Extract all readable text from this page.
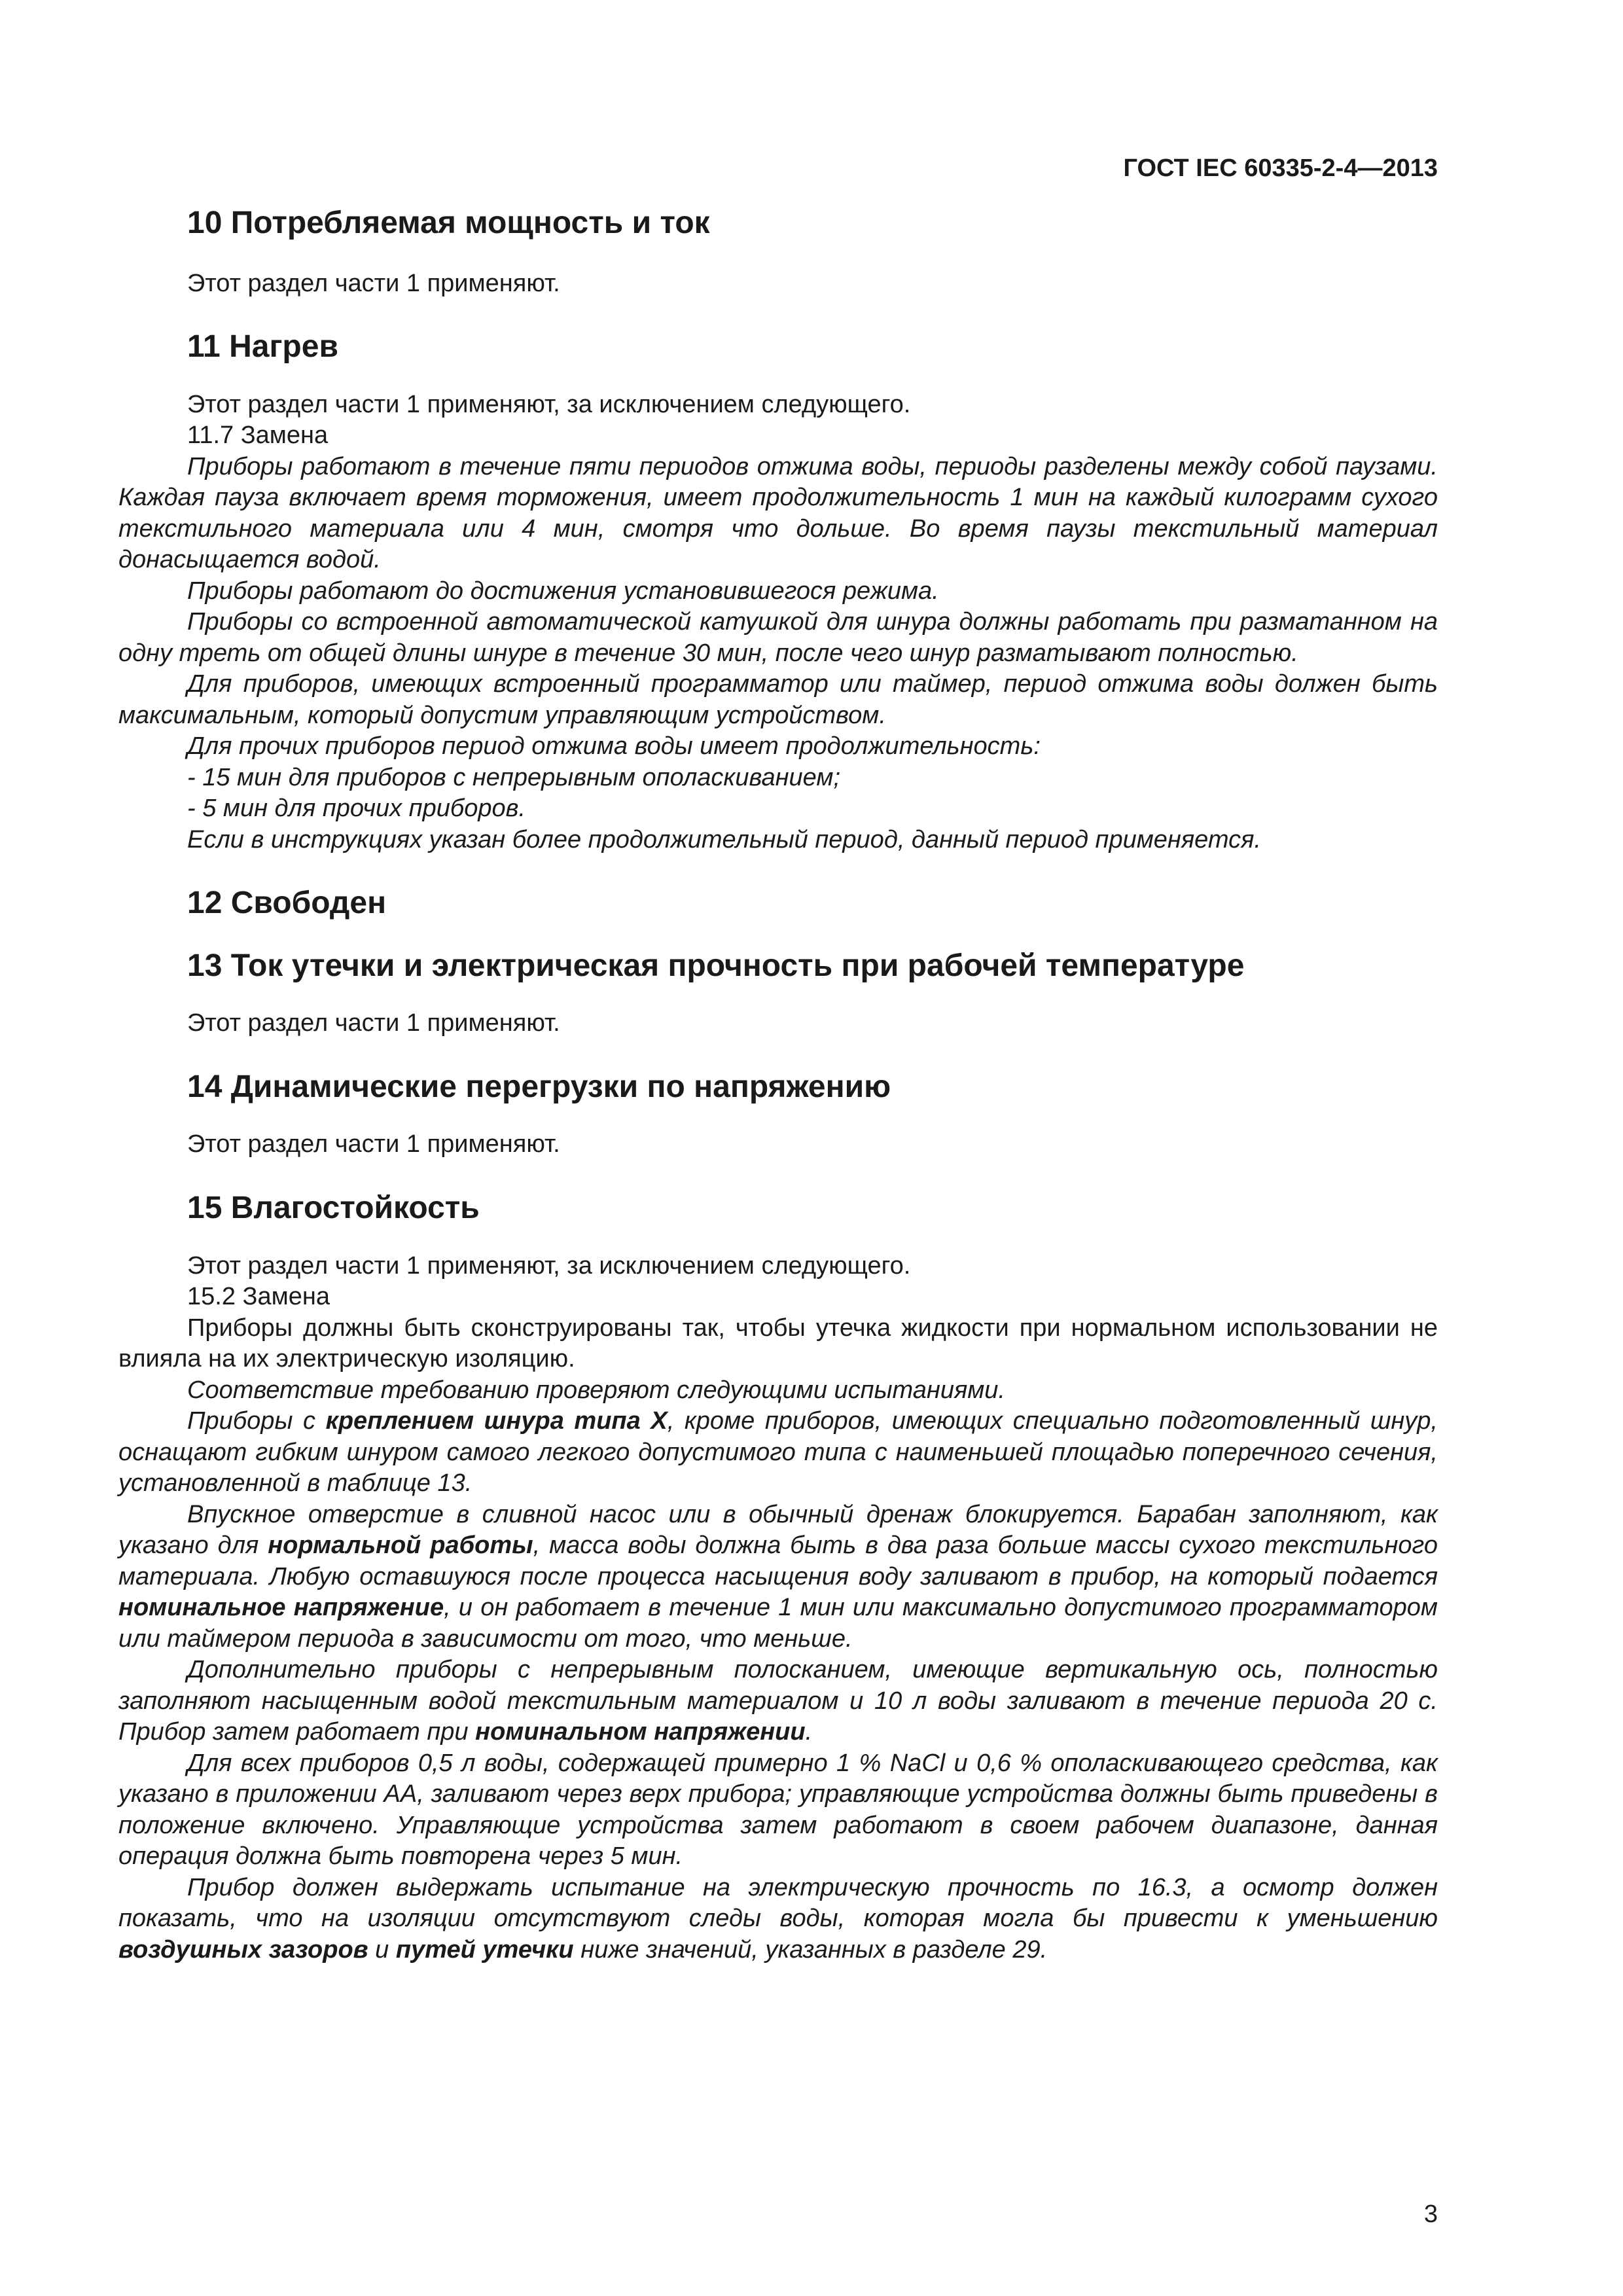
ГОСТ IEC 60335-2-4—2013
10 Потребляемая мощность и ток

Этот раздел части 1 применяют.

11 Нагрев

Этот раздел части 1 применяют, за исключением следующего.

11.7 Замена

Приборы работают в течение пяти периодов отжима воды, периоды разделены между собой паузами. Каждая пауза включает время торможения, имеет продолжительность 1 мин на каждый килограмм сухого текстильного материала или 4 мин, смотря что дольше. Во время паузы текстильный материал донасыщается водой.

Приборы работают до достижения установившегося режима.

Приборы со встроенной автоматической катушкой для шнура должны работать при разматанном на одну треть от общей длины шнуре в течение 30 мин, после чего шнур разматывают полностью.

Для приборов, имеющих встроенный программатор или таймер, период отжима воды должен быть максимальным, который допустим управляющим устройством.

Для прочих приборов период отжима воды имеет продолжительность:

- 15 мин для приборов с непрерывным ополаскиванием;

- 5 мин для прочих приборов.

Если в инструкциях указан более продолжительный период, данный период применяется.

12 Свободен
13 Ток утечки и электрическая прочность при рабочей температуре

Этот раздел части 1 применяют.

14 Динамические перегрузки по напряжению

Этот раздел части 1 применяют.

15 Влагостойкость

Этот раздел части 1 применяют, за исключением следующего.

15.2 Замена

Приборы должны быть сконструированы так, чтобы утечка жидкости при нормальном использовании не влияла на их электрическую изоляцию.

Соответствие требованию проверяют следующими испытаниями.

Приборы с креплением шнура типа X, кроме приборов, имеющих специально подготовленный шнур, оснащают гибким шнуром самого легкого допустимого типа с наименьшей площадью поперечного сечения, установленной в таблице 13.

Впускное отверстие в сливной насос или в обычный дренаж блокируется. Барабан заполняют, как указано для нормальной работы, масса воды должна быть в два раза больше массы сухого текстильного материала. Любую оставшуюся после процесса насыщения воду заливают в прибор, на который подается номинальное напряжение, и он работает в течение 1 мин или максимально допустимого программатором или таймером периода в зависимости от того, что меньше.

Дополнительно приборы с непрерывным полосканием, имеющие вертикальную ось, полностью заполняют насыщенным водой текстильным материалом и 10 л воды заливают в течение периода 20 с. Прибор затем работает при номинальном напряжении.

Для всех приборов 0,5 л воды, содержащей примерно 1 % NaCl и 0,6 % ополаскивающего средства, как указано в приложении АА, заливают через верх прибора; управляющие устройства должны быть приведены в положение включено. Управляющие устройства затем работают в своем рабочем диапазоне, данная операция должна быть повторена через 5 мин.

Прибор должен выдержать испытание на электрическую прочность по 16.3, а осмотр должен показать, что на изоляции отсутствуют следы воды, которая могла бы привести к уменьшению воздушных зазоров и путей утечки ниже значений, указанных в разделе 29.

3
